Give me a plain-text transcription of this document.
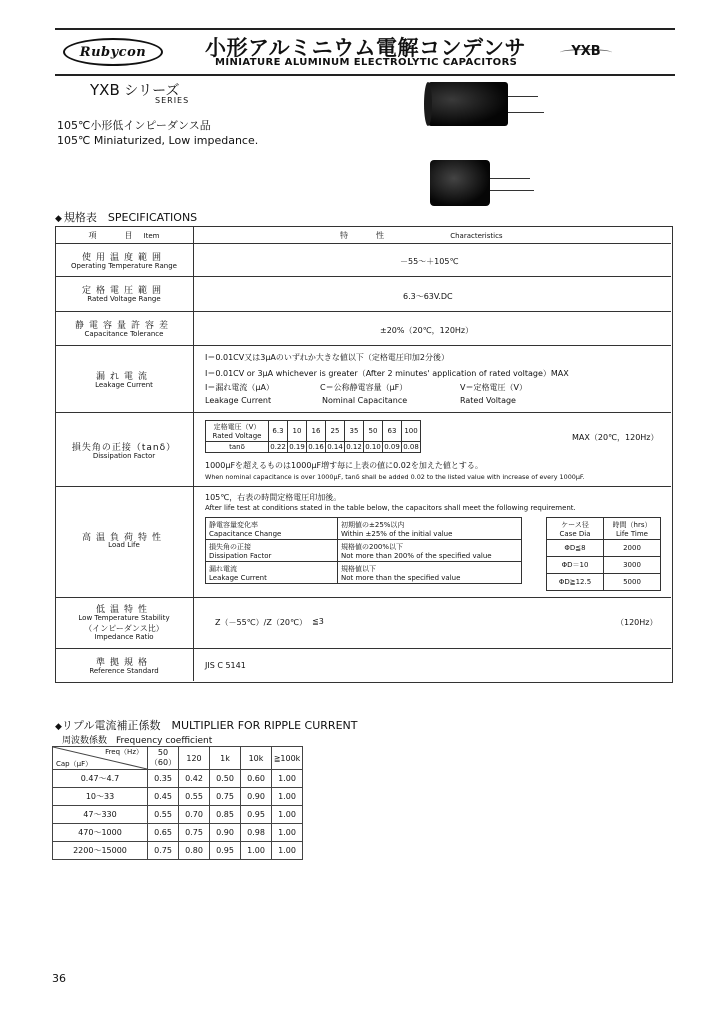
Rubycon	小形アルミニウム電解コンデンサ
MINIATURE ALUMINUM ELECTROLYTIC CAPACITORS
YXB
YXB シリーズ
SERIES
105℃小形低インピーダンス品
105℃ Miniaturized, Low impedance.
◆ 規格表　SPECIFICATIONS
項　　目　 Item	特　　性	Characteristics
使用温度範囲
Operating Temperature Range	－55～＋105℃
定格電圧範囲
Rated Voltage Range	6.3～63V.DC
静電容量許容差
Capacitance Tolerance	±20%（20℃，120Hz）
漏れ電流
Leakage Current
I＝0.01CV又は3μAのいずれか大きな値以下（定格電圧印加2分後）
I＝0.01CV or 3μA whichever is greater（After 2 minutes' application of rated voltage）MAX
I＝漏れ電流（μA）	C＝公称静電容量（μF）	V＝定格電圧（V）
Leakage Current	Nominal Capacitance	Rated Voltage
損失角の正接（tanδ）
Dissipation Factor
定格電圧（V）
Rated Voltage	6.3	10	16	25	35	50	63	100
tanδ	0.22	0.19	0.16	0.14	0.12	0.10	0.09	0.08
MAX（20℃，120Hz）
1000μFを超えるものは1000μF増す毎に上表の値に0.02を加えた値とする。
When nominal capacitance is over 1000μF, tanδ shall be added 0.02 to the listed value with increase of every 1000μF.
高温負荷特性
Load Life
105℃，右表の時間定格電圧印加後。
After life test at conditions stated in the table below, the capacitors shall meet the following requirement.
静電容量変化率
Capacitance Change	初期値の±25%以内
Within ±25% of the initial value
損失角の正接
Dissipation Factor	規格値の200%以下
Not more than 200% of the specified value
漏れ電流
Leakage Current	規格値以下
Not more than the specified value
ケース径
Case Dia	時間（hrs）
Life Time
ΦD≦8	2000
ΦD＝10	3000
ΦD≧12.5	5000
低温特性
Low Temperature Stability
（インピーダンス比）
Impedance Ratio
Z（－55℃）/Z（20℃） ≦3	（120Hz）
準拠規格
Reference Standard
JIS C 5141
◆リプル電流補正係数　MULTIPLIER FOR RIPPLE CURRENT
周波数係数　Frequency coefficient
Freq（Hz）
Cap（μF）	50（60）	120	1k	10k	≧100k
0.47～4.7	0.35	0.42	0.50	0.60	1.00
10～33	0.45	0.55	0.75	0.90	1.00
47～330	0.55	0.70	0.85	0.95	1.00
470～1000	0.65	0.75	0.90	0.98	1.00
2200～15000	0.75	0.80	0.95	1.00	1.00
36
